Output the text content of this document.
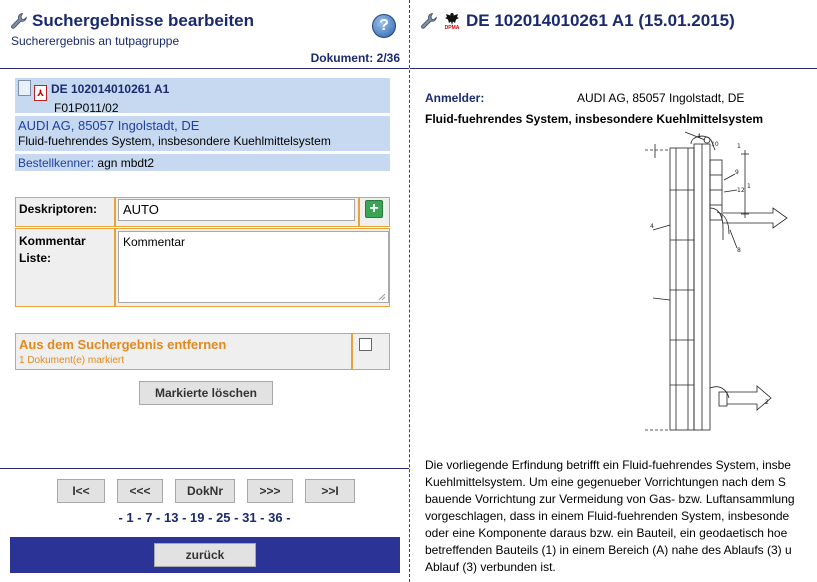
Suchergebnisse bearbeiten
Sucherergebnis an tutpagruppe
?
Dokument: 2/36
⅄ DE 102014010261 A1
F01P011/02
AUDI AG, 85057 Ingolstadt, DE
Fluid-fuehrendes System, insbesondere Kuehlmittelsystem
Bestellkenner: agn mbdt2
Deskriptoren:	AUTO	+
Kommentar Liste:
Kommentar
Aus dem Suchergebnis entfernen
1 Dokument(e) markiert
Markierte löschen
I<<	<<<	DokNr	>>>	>>I
- 1 - 7 - 13 - 19 - 25 - 31 - 36 -
zurück
DPMA DE 102014010261 A1 (15.01.2015)
Anmelder:	AUDI AG, 85057 Ingolstadt, DE
Fluid-fuehrendes System, insbesondere Kuehlmittelsystem
4
10	1
1
9
12
8
4
2
Die vorliegende Erfindung betrifft ein Fluid-fuehrendes System, insbe
Kuehlmittelsystem. Um eine gegenueber Vorrichtungen nach dem S
bauende Vorrichtung zur Vermeidung von Gas- bzw. Luftansammlung
vorgeschlagen, dass in einem Fluid-fuehrenden System, insbesonde
oder eine Komponente daraus bzw. ein Bauteil, ein geodaetisch hoe
betreffenden Bauteils (1) in einem Bereich (A) nahe des Ablaufs (3) u
Ablauf (3) verbunden ist.
